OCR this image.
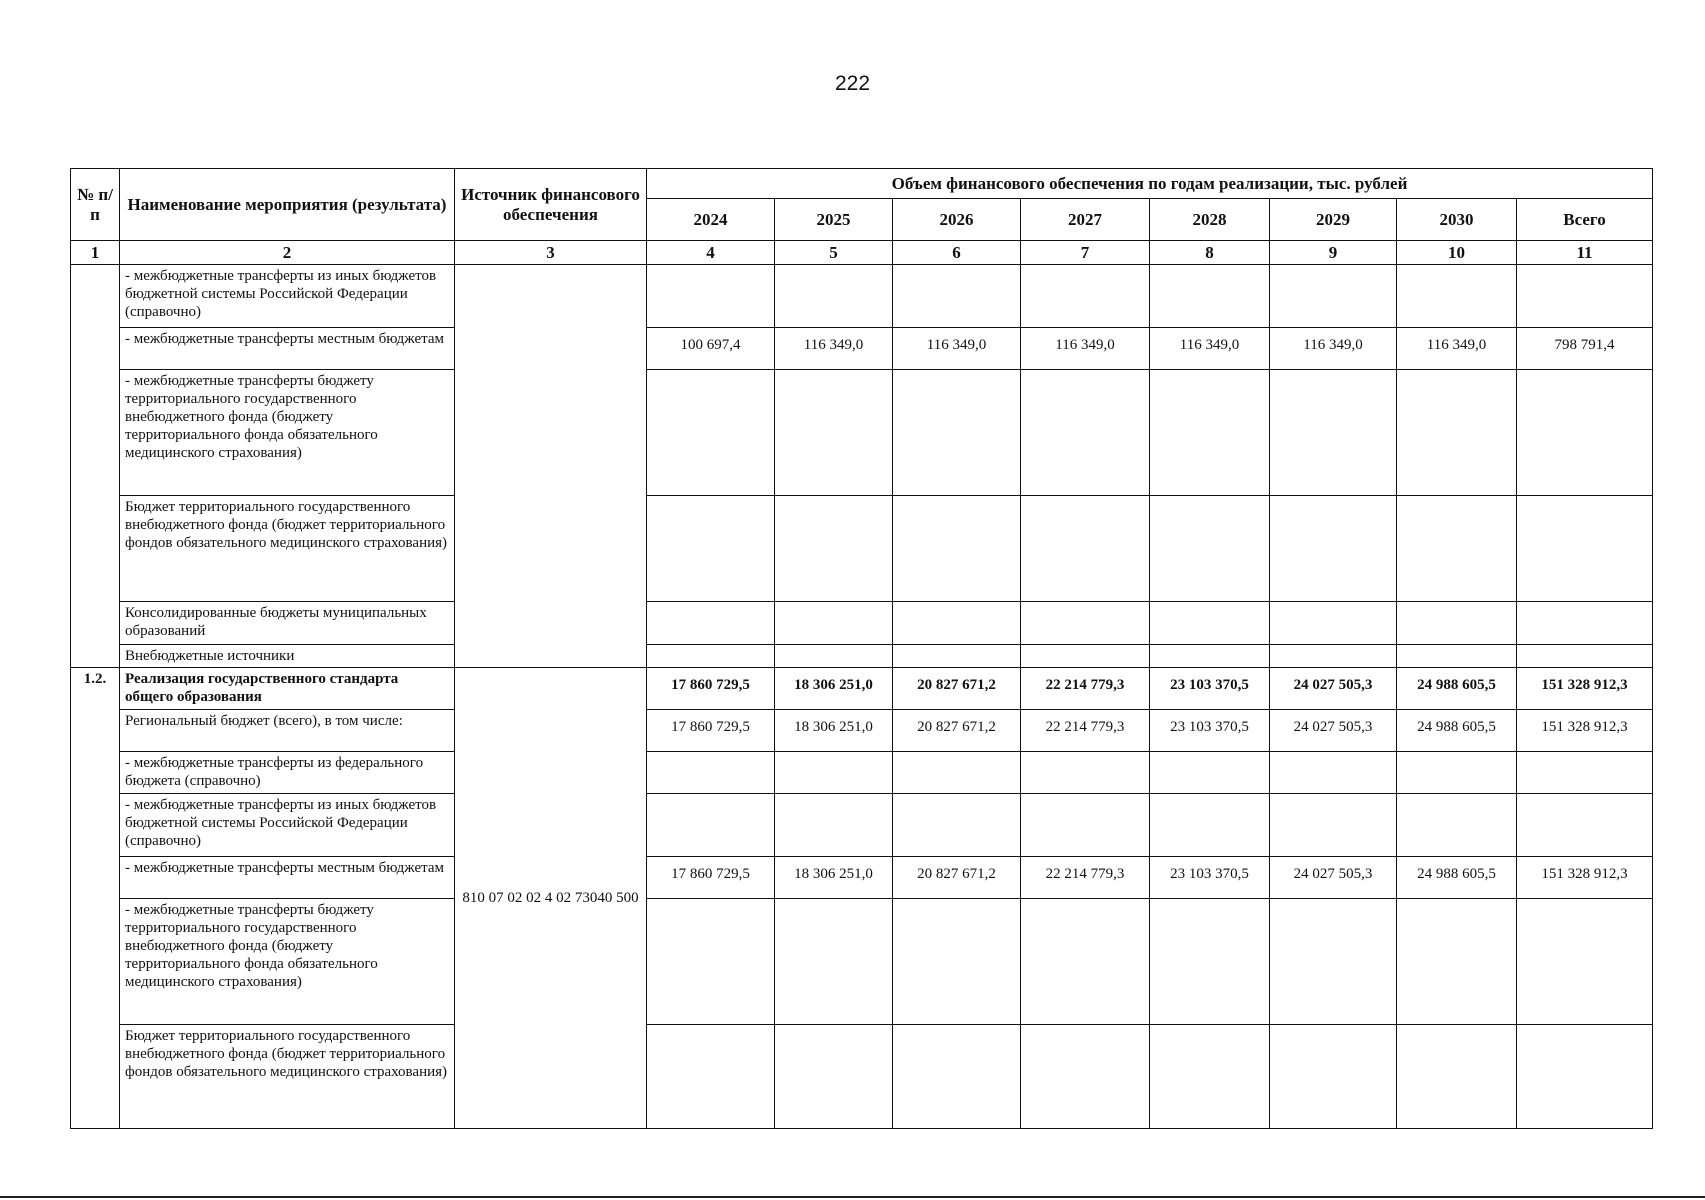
222
№ п/п	Наименование мероприятия (результата)	Источник финансового обеспечения	Объем финансового обеспечения по годам реализации, тыс. рублей							
			2024	2025	2026	2027	2028	2029	2030	Всего
1	2	3	4	5	6	7	8	9	10	11
	- межбюджетные трансферты из иных бюджетов бюджетной системы Российской Федерации (справочно)									
	- межбюджетные трансферты местным бюджетам		100 697,4	116 349,0	116 349,0	116 349,0	116 349,0	116 349,0	116 349,0	798 791,4
	- межбюджетные трансферты бюджету территориального государственного внебюджетного фонда (бюджету территориального фонда обязательного медицинского страхования)									
	Бюджет территориального государственного внебюджетного фонда (бюджет территориального фондов обязательного медицинского страхования)									
	Консолидированные бюджеты муниципальных образований									
	Внебюджетные источники									
1.2.	Реализация государственного стандарта общего образования	810 07 02 02 4 02 73040 500	17 860 729,5	18 306 251,0	20 827 671,2	22 214 779,3	23 103 370,5	24 027 505,3	24 988 605,5	151 328 912,3
	Региональный бюджет (всего), в том числе:		17 860 729,5	18 306 251,0	20 827 671,2	22 214 779,3	23 103 370,5	24 027 505,3	24 988 605,5	151 328 912,3
	- межбюджетные трансферты из федерального бюджета (справочно)									
	- межбюджетные трансферты из иных бюджетов бюджетной системы Российской Федерации (справочно)									
	- межбюджетные трансферты местным бюджетам		17 860 729,5	18 306 251,0	20 827 671,2	22 214 779,3	23 103 370,5	24 027 505,3	24 988 605,5	151 328 912,3
	- межбюджетные трансферты бюджету территориального государственного внебюджетного фонда (бюджету территориального фонда обязательного медицинского страхования)									
	Бюджет территориального государственного внебюджетного фонда (бюджет территориального фондов обязательного медицинского страхования)									
